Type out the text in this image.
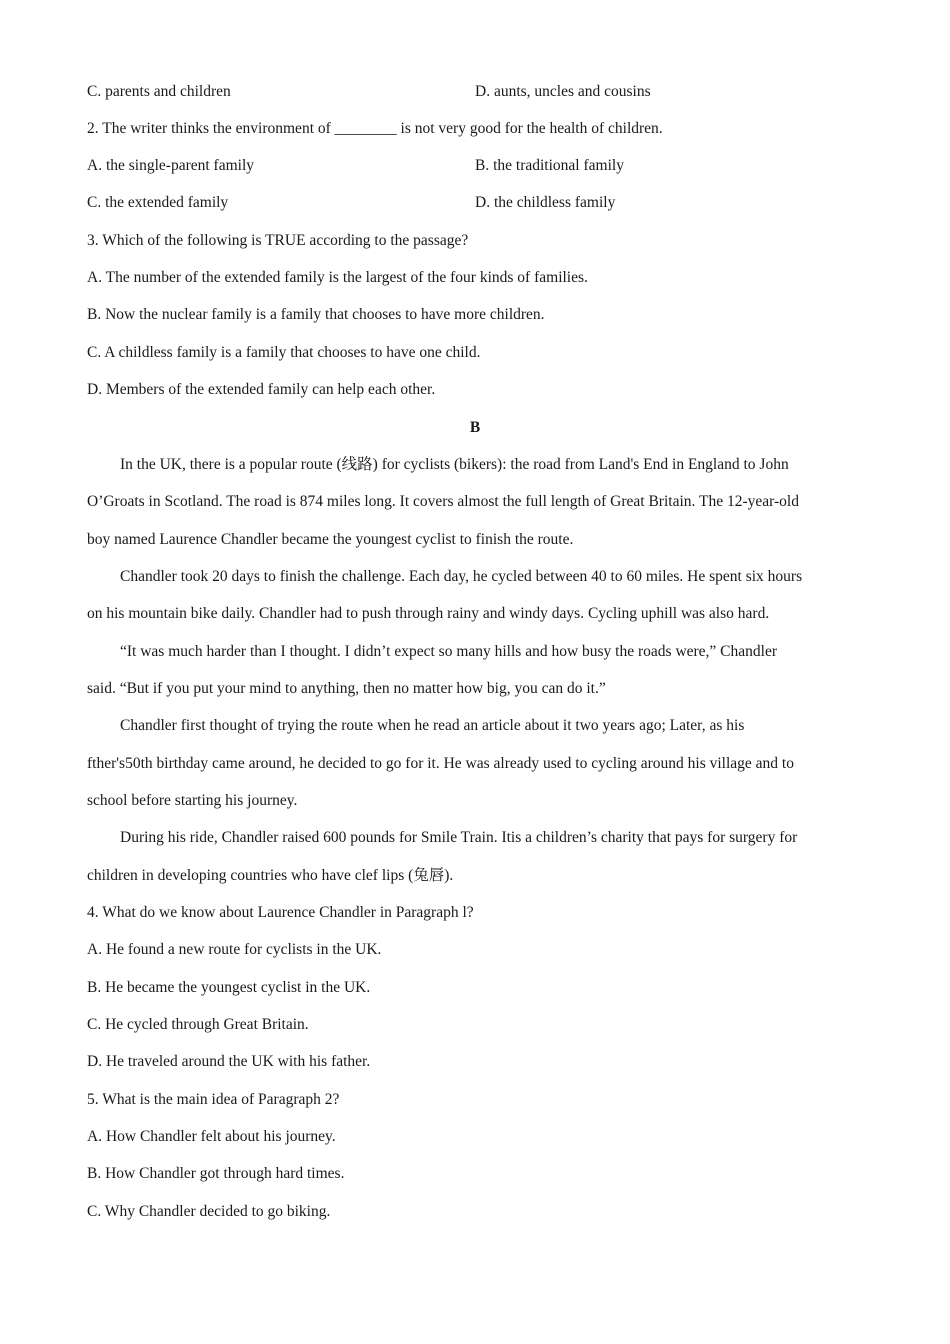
C. parents and children	D. aunts, uncles and cousins
2. The writer thinks the environment of ________ is not very good for the health of children.
A. the single-parent family	B. the traditional family
C. the extended family	D. the childless family
3. Which of the following is TRUE according to the passage?
A. The number of the extended family is the largest of the four kinds of families.
B. Now the nuclear family is a family that chooses to have more children.
C. A childless family is a family that chooses to have one child.
D. Members of the extended family can help each other.
B
In the UK, there is a popular route (线路) for cyclists (bikers): the road from Land's End in England to John
O’Groats in Scotland. The road is 874 miles long. It covers almost the full length of Great Britain. The 12-year-old
boy named Laurence Chandler became the youngest cyclist to finish the route.
Chandler took 20 days to finish the challenge. Each day, he cycled between 40 to 60 miles. He spent six hours
on his mountain bike daily. Chandler had to push through rainy and windy days. Cycling uphill was also hard.
“It was much harder than I thought. I didn’t expect so many hills and how busy the roads were,” Chandler
said. “But if you put your mind to anything, then no matter how big, you can do it.”
Chandler first thought of trying the route when he read an article about it two years ago; Later, as his
fther's50th birthday came around, he decided to go for it. He was already used to cycling around his village and to
school before starting his journey.
During his ride, Chandler raised 600 pounds for Smile Train. Itis a children’s charity that pays for surgery for
children in developing countries who have clef lips (兔唇).
4. What do we know about Laurence Chandler in Paragraph l?
A. He found a new route for cyclists in the UK.
B. He became the youngest cyclist in the UK.
C. He cycled through Great Britain.
D. He traveled around the UK with his father.
5. What is the main idea of Paragraph 2?
A. How Chandler felt about his journey.
B. How Chandler got through hard times.
C. Why Chandler decided to go biking.
